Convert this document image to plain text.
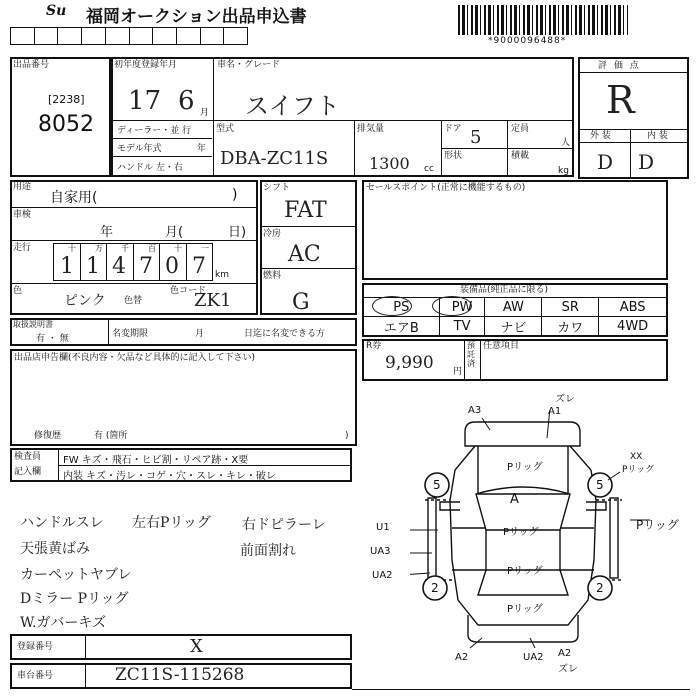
Su	福岡オークション出品申込書
*9000096488*
出品番号
[2238]
8052
初年度登録年月
17 6 月
車名・グレード
スイフト
ディーラー・並 行
モデル年式	年
ハンドル 左・右
型式
DBA-ZC11S
排気量
1300 cc
ドア 5
形状
定員
人
積載
kg
評 価 点
R
外 装	内 装
D D
用途
自家用(	)
車検
年	月(	日)
走行	十 万 千 百 十 一
1 1 4 7 0 7 km
色
ピンク 色替
色コード
ZK1
シフト
FAT
冷房
AC
燃料
G
セールスポイント(正常に機能するもの)
装備品(純正品に限る)
PS	PW	AW	SR	ABS
エアB	TV	ナビ	カワ	4WD
R券
9,990 円
預託済
任意項目
取扱説明書
有 ・ 無	名変期限	月	日迄に名変できる方
出品店申告欄(不良内容・欠品など具体的に記入して下さい)
修復歴	有 (箇所	)
検査員
記入欄
FW キズ・飛石・ヒビ割・リペア跡・X要
内装 キズ・汚レ・コゲ・穴・スレ・キレ・破レ
ハンドルスレ
天張黄ばみ
カーペットヤブレ
Dミラー Pリッグ
W.ガバーキズ
左右Pリッグ 右ドピラーレ
前面割れ
登録番号	X
車台番号	ZC11S-115268
A3
ズレ
A1
Pリッグ
XX
Pリッグ
5	5
A
Pリッグ
U1
UA3
UA2
Pリッグ
Pリッグ
Pリッグ
2	2
A2	UA2 A2
ズレ
